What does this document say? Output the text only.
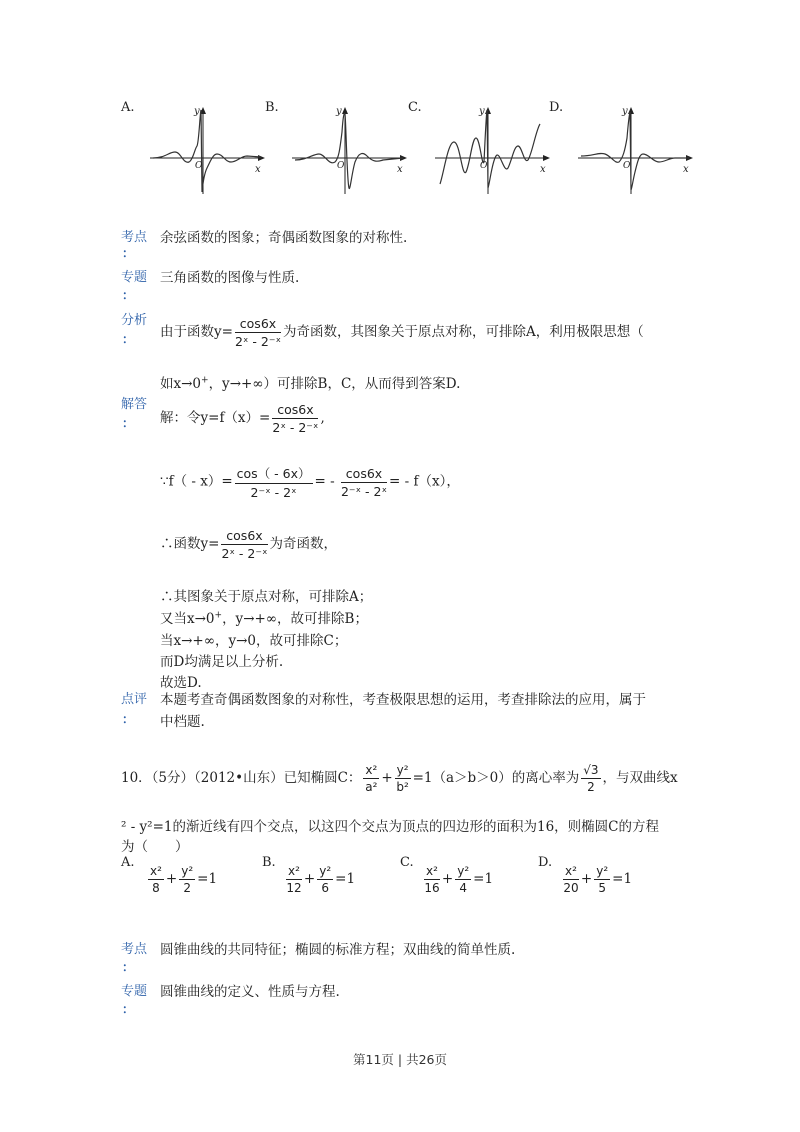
A.	B.	C.	D.
y
x
O
y
x
O
y
x
O
y
x
O
考点 余弦函数的图象；奇偶函数图象的对称性.
：
专题 三角函数的图像与性质.
：
分析
： 由于函数$y= \frac{\cos 6x}{\text{2ˣ - 2⁻ˣ}}$ 为奇函数，其图象关于原点对称，可排除A，利用极限思想（
如x→0+，y→+∞）可排除B，C，从而得到答案D.
解答
： 解：令$y=f(x)= \frac{\cos 6x}{\text{2ˣ - 2⁻ˣ}}$ ,
∵f（ - $x)= \frac{\cos( - 6x)}{\text{2⁻ˣ - 2ˣ}}$ = - $\frac{\cos 6x}{\text{2⁻ˣ - 2ˣ}}$ = - f（x），
∴函数$y= \frac{\cos 6x}{\text{2ˣ - 2⁻ˣ}}$ 为奇函数，
∴其图象关于原点对称，可排除A；
又当x→0+，y→+∞，故可排除B；
当x→+∞，y→0，故可排除C；
而D均满足以上分析.
故选D.
点评
：
本题考查奇偶函数图象的对称性，考查极限思想的运用，考查排除法的应用，属于
中档题.
10．（5分）（2012•山东）已知椭圆C： $\frac{\text{x²}}{\text{a²}} + \frac{\text{y²}}{\text{b²}} =1(a>b>0)$的离心率为 $\frac{√3}{2}$ ，与双曲线x
² - y²=1的渐近线有四个交点，以这四个交点为顶点的四边形的面积为16，则椭圆C的方程
为（　　）
A.
$\frac{\text{x²}}{8} + \frac{\text{y²}}{2} =1$
B.
$\frac{\text{x²}}{12} + \frac{\text{y²}}{6} =1$
C.
$\frac{\text{x²}}{16} + \frac{\text{y²}}{4} =1$
D.
$\frac{\text{x²}}{20} + \frac{\text{y²}}{5} =1$
考点 圆锥曲线的共同特征；椭圆的标准方程；双曲线的简单性质.
：
专题 圆锥曲线的定义、性质与方程.
：
第11页 | 共26页
